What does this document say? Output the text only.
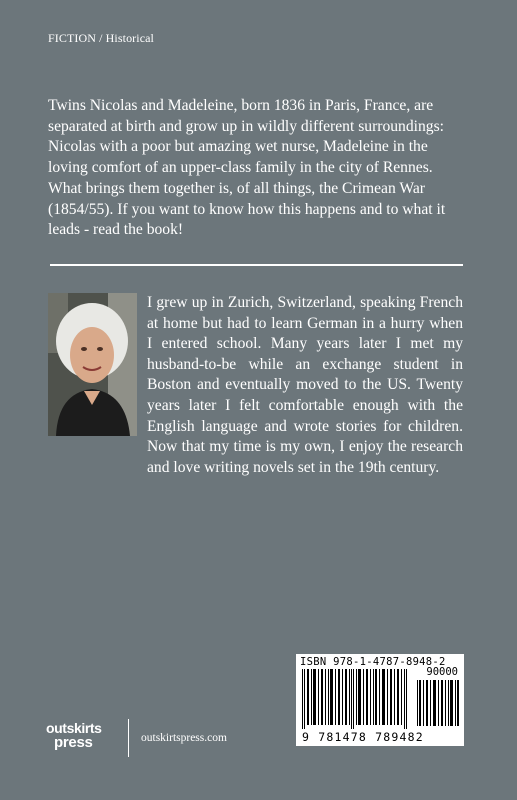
FICTION / Historical
Twins Nicolas and Madeleine, born 1836 in Paris, France, are separated at birth and grow up in wildly different surroundings: Nicolas with a poor but amazing wet nurse, Madeleine in the loving comfort of an upper-class family in the city of Rennes. What brings them together is, of all things, the Crimean War (1854/55). If you want to know how this happens and to what it leads - read the book!
I grew up in Zurich, Switzerland, speaking French at home but had to learn German in a hurry when I entered school. Many years later I met my husband-to-be while an exchange student in Boston and eventually moved to the US. Twenty years later I felt comfortable enough with the English language and wrote stories for children. Now that my time is my own, I enjoy the research and love writing novels set in the 19th century.
ISBN 978-1-4787-8948-2
90000
9 781478 789482
outskirts
press	outskirtspress.com
